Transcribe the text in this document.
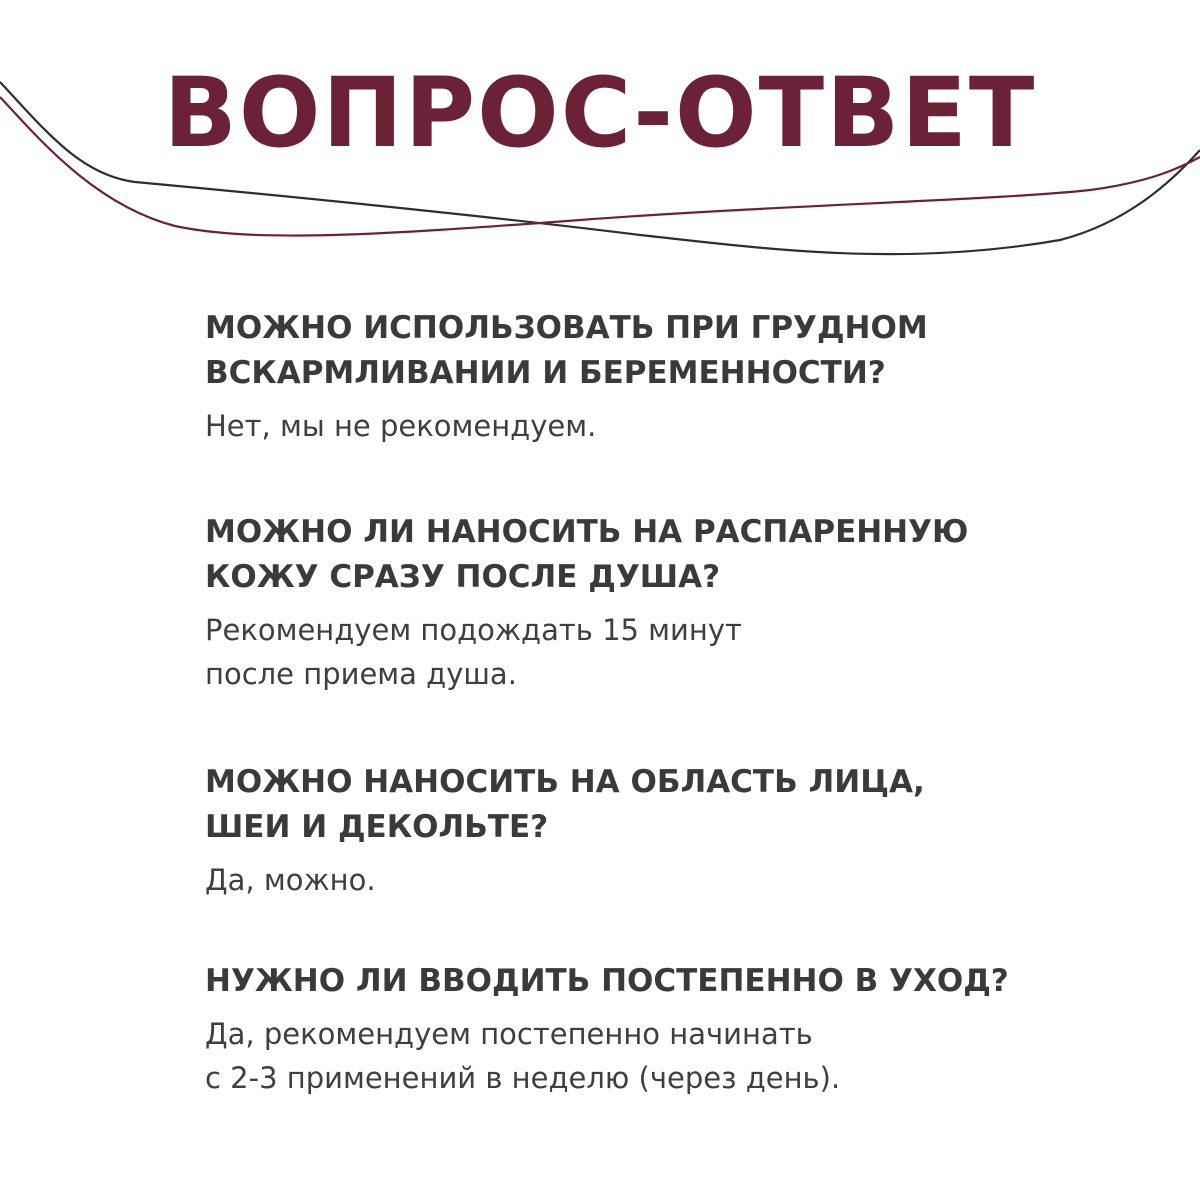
ВОПРОС-ОТВЕТ

МОЖНО ИСПОЛЬЗОВАТЬ ПРИ ГРУДНОМ
ВСКАРМЛИВАНИИ И БЕРЕМЕННОСТИ?

Нет, мы не рекомендуем.

МОЖНО ЛИ НАНОСИТЬ НА РАСПАРЕННУЮ
КОЖУ СРАЗУ ПОСЛЕ ДУША?

Рекомендуем подождать 15 минут
после приема душа.

МОЖНО НАНОСИТЬ НА ОБЛАСТЬ ЛИЦА,
ШЕИ И ДЕКОЛЬТЕ?

Да, можно.

НУЖНО ЛИ ВВОДИТЬ ПОСТЕПЕННО В УХОД?

Да, рекомендуем постепенно начинать
с 2-3 применений в неделю (через день).
